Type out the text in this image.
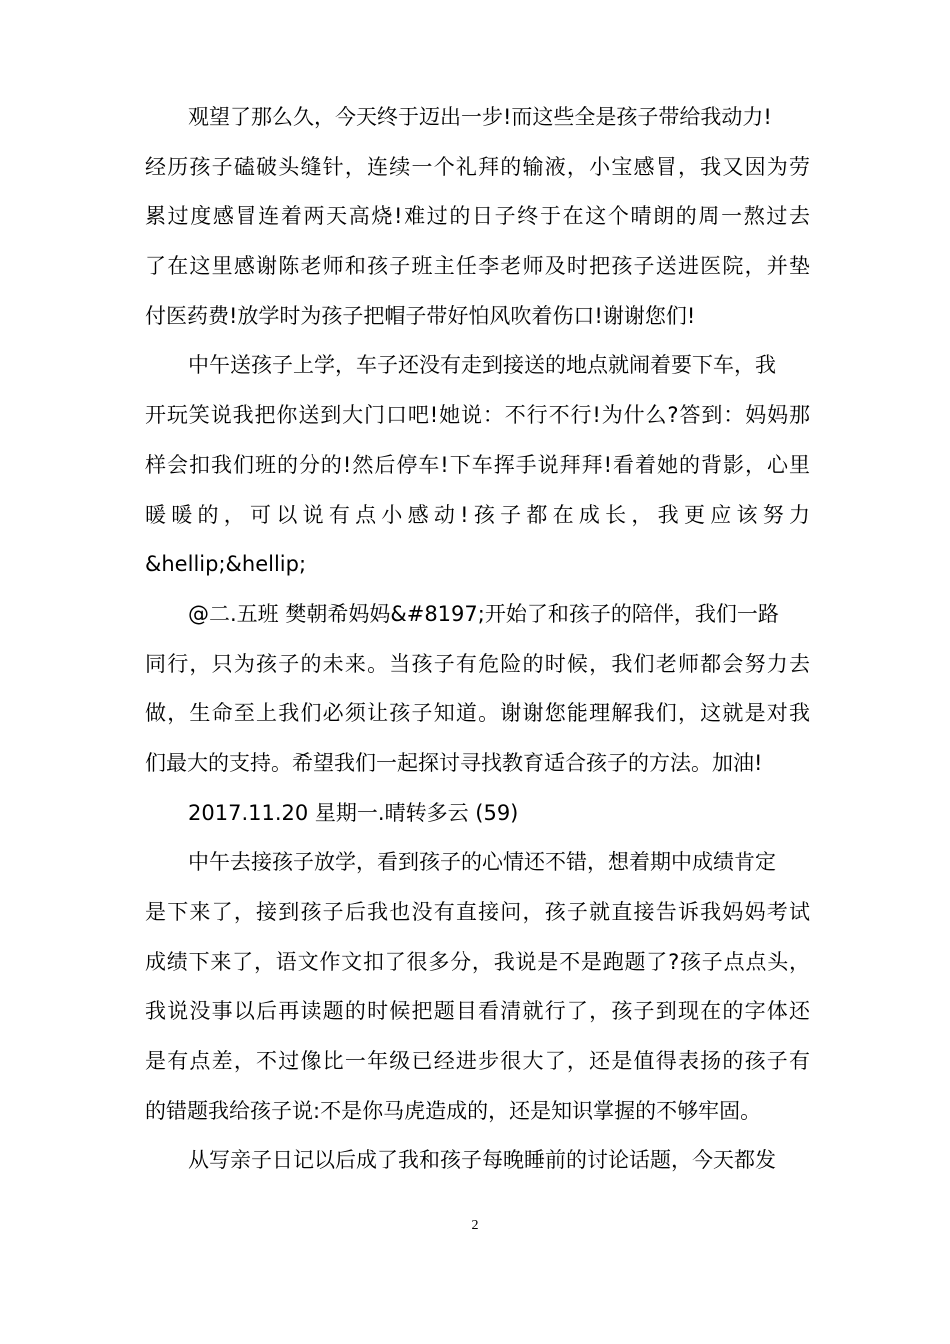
观望了那么久，今天终于迈出一步!而这些全是孩子带给我动力!
经历孩子磕破头缝针，连续一个礼拜的输液，小宝感冒，我又因为劳
累过度感冒连着两天高烧!难过的日子终于在这个晴朗的周一熬过去
了在这里感谢陈老师和孩子班主任李老师及时把孩子送进医院，并垫
付医药费!放学时为孩子把帽子带好怕风吹着伤口!谢谢您们!
中午送孩子上学，车子还没有走到接送的地点就闹着要下车，我
开玩笑说我把你送到大门口吧!她说：不行不行!为什么?答到：妈妈那
样会扣我们班的分的!然后停车!下车挥手说拜拜!看着她的背影，心里
暖暖的，可以说有点小感动!孩子都在成长，我更应该努力
&hellip;&hellip;
@二.五班 樊朝希妈妈&#8197;开始了和孩子的陪伴，我们一路
同行，只为孩子的未来。当孩子有危险的时候，我们老师都会努力去
做，生命至上我们必须让孩子知道。谢谢您能理解我们，这就是对我
们最大的支持。希望我们一起探讨寻找教育适合孩子的方法。加油!
2017.11.20 星期一.晴转多云 (59)
中午去接孩子放学，看到孩子的心情还不错，想着期中成绩肯定
是下来了，接到孩子后我也没有直接问，孩子就直接告诉我妈妈考试
成绩下来了，语文作文扣了很多分，我说是不是跑题了?孩子点点头，
我说没事以后再读题的时候把题目看清就行了，孩子到现在的字体还
是有点差，不过像比一年级已经进步很大了，还是值得表扬的孩子有
的错题我给孩子说:不是你马虎造成的，还是知识掌握的不够牢固。
从写亲子日记以后成了我和孩子每晚睡前的讨论话题，今天都发
2
